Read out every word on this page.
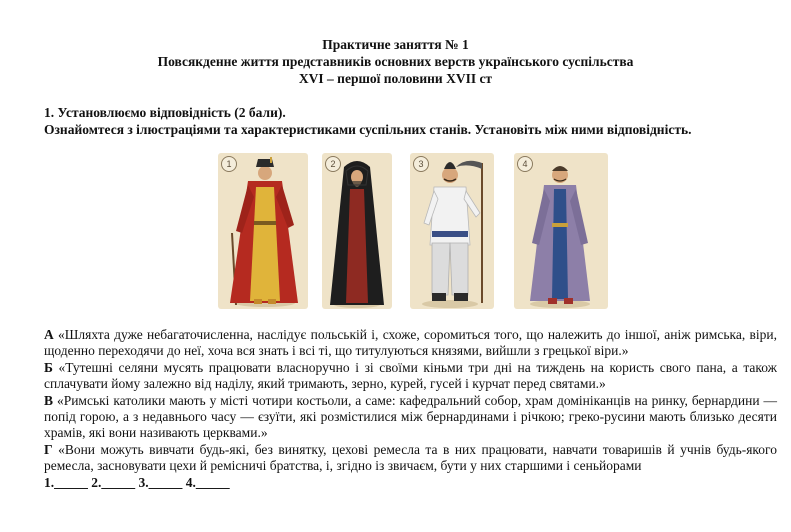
Практичне заняття № 1
Повсякденне життя представників основних верств українського суспільства
XVI – першої половини XVII ст
1. Установлюємо відповідність (2 бали).
Ознайомтеся з ілюстраціями та характеристиками суспільних станів. Установіть між ними відповідність.
1	2	3	4

А «Шляхта дуже небагаточисленна, наслідує польській і, схоже, соромиться того, що належить до іншої, аніж римська, віри, щоденно переходячи до неї, хоча вся знать і всі ті, що титулуються князями, вийшли з грецької віри.»

Б «Тутешні селяни мусять працювати власноручно і зі своїми кіньми три дні на тиждень на користь свого пана, а також сплачувати йому залежно від наділу, який тримають, зерно, курей, гусей і курчат перед святами.»

В «Римські католики мають у місті чотири костьоли, а саме: кафедральний собор, храм домініканців на ринку, бернардини — попід горою, а з недавнього часу — єзуїти, які розмістилися між бернардинами і річкою; греко-русини мають близько десяти храмів, які вони називають церквами.»

Г «Вони можуть вивчати будь-які, без винятку, цехові ремесла та в них працювати, навчати товаришів й учнів будь-якого ремесла, засновувати цехи й ремісничі братства, і, згідно із звичаєм, бути у них старшими і сеньйорами

1._____ 2._____ 3._____ 4._____
